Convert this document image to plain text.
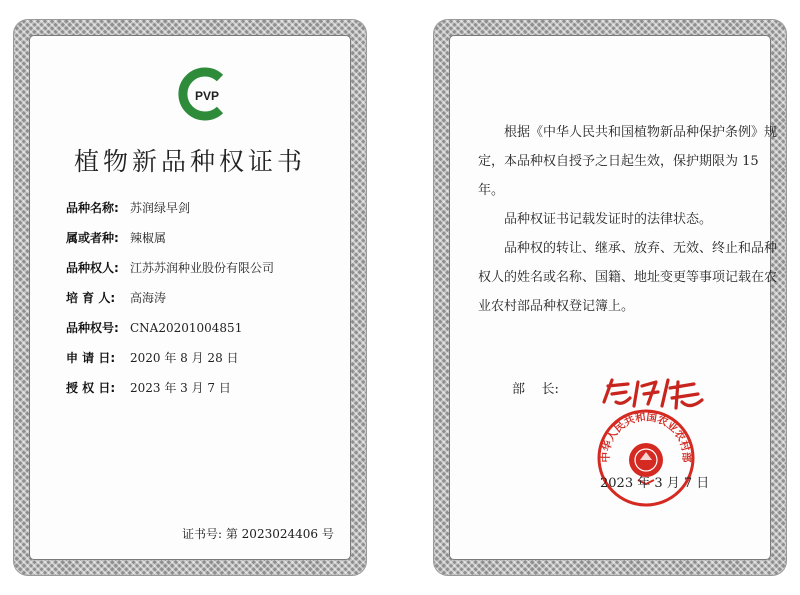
PVP
植物新品种权证书
品种名称: 苏润绿早剑
属或者种: 辣椒属
品种权人: 江苏苏润种业股份有限公司
培 育 人: 高海涛
品种权号: CNA20201004851
申 请 日: 2020 年 8 月 28 日
授 权 日: 2023 年 3 月 7 日
证书号: 第 2023024406 号
根据《中华人民共和国植物新品种保护条例》规定，本品种权自授予之日起生效，保护期限为 15 年。
品种权证书记载发证时的法律状态。
品种权的转让、继承、放弃、无效、终止和品种权人的姓名或名称、国籍、地址变更等事项记载在农业农村部品种权登记簿上。
部    长:
中华人民共和国农业农村部
2023 年 3 月 7 日
